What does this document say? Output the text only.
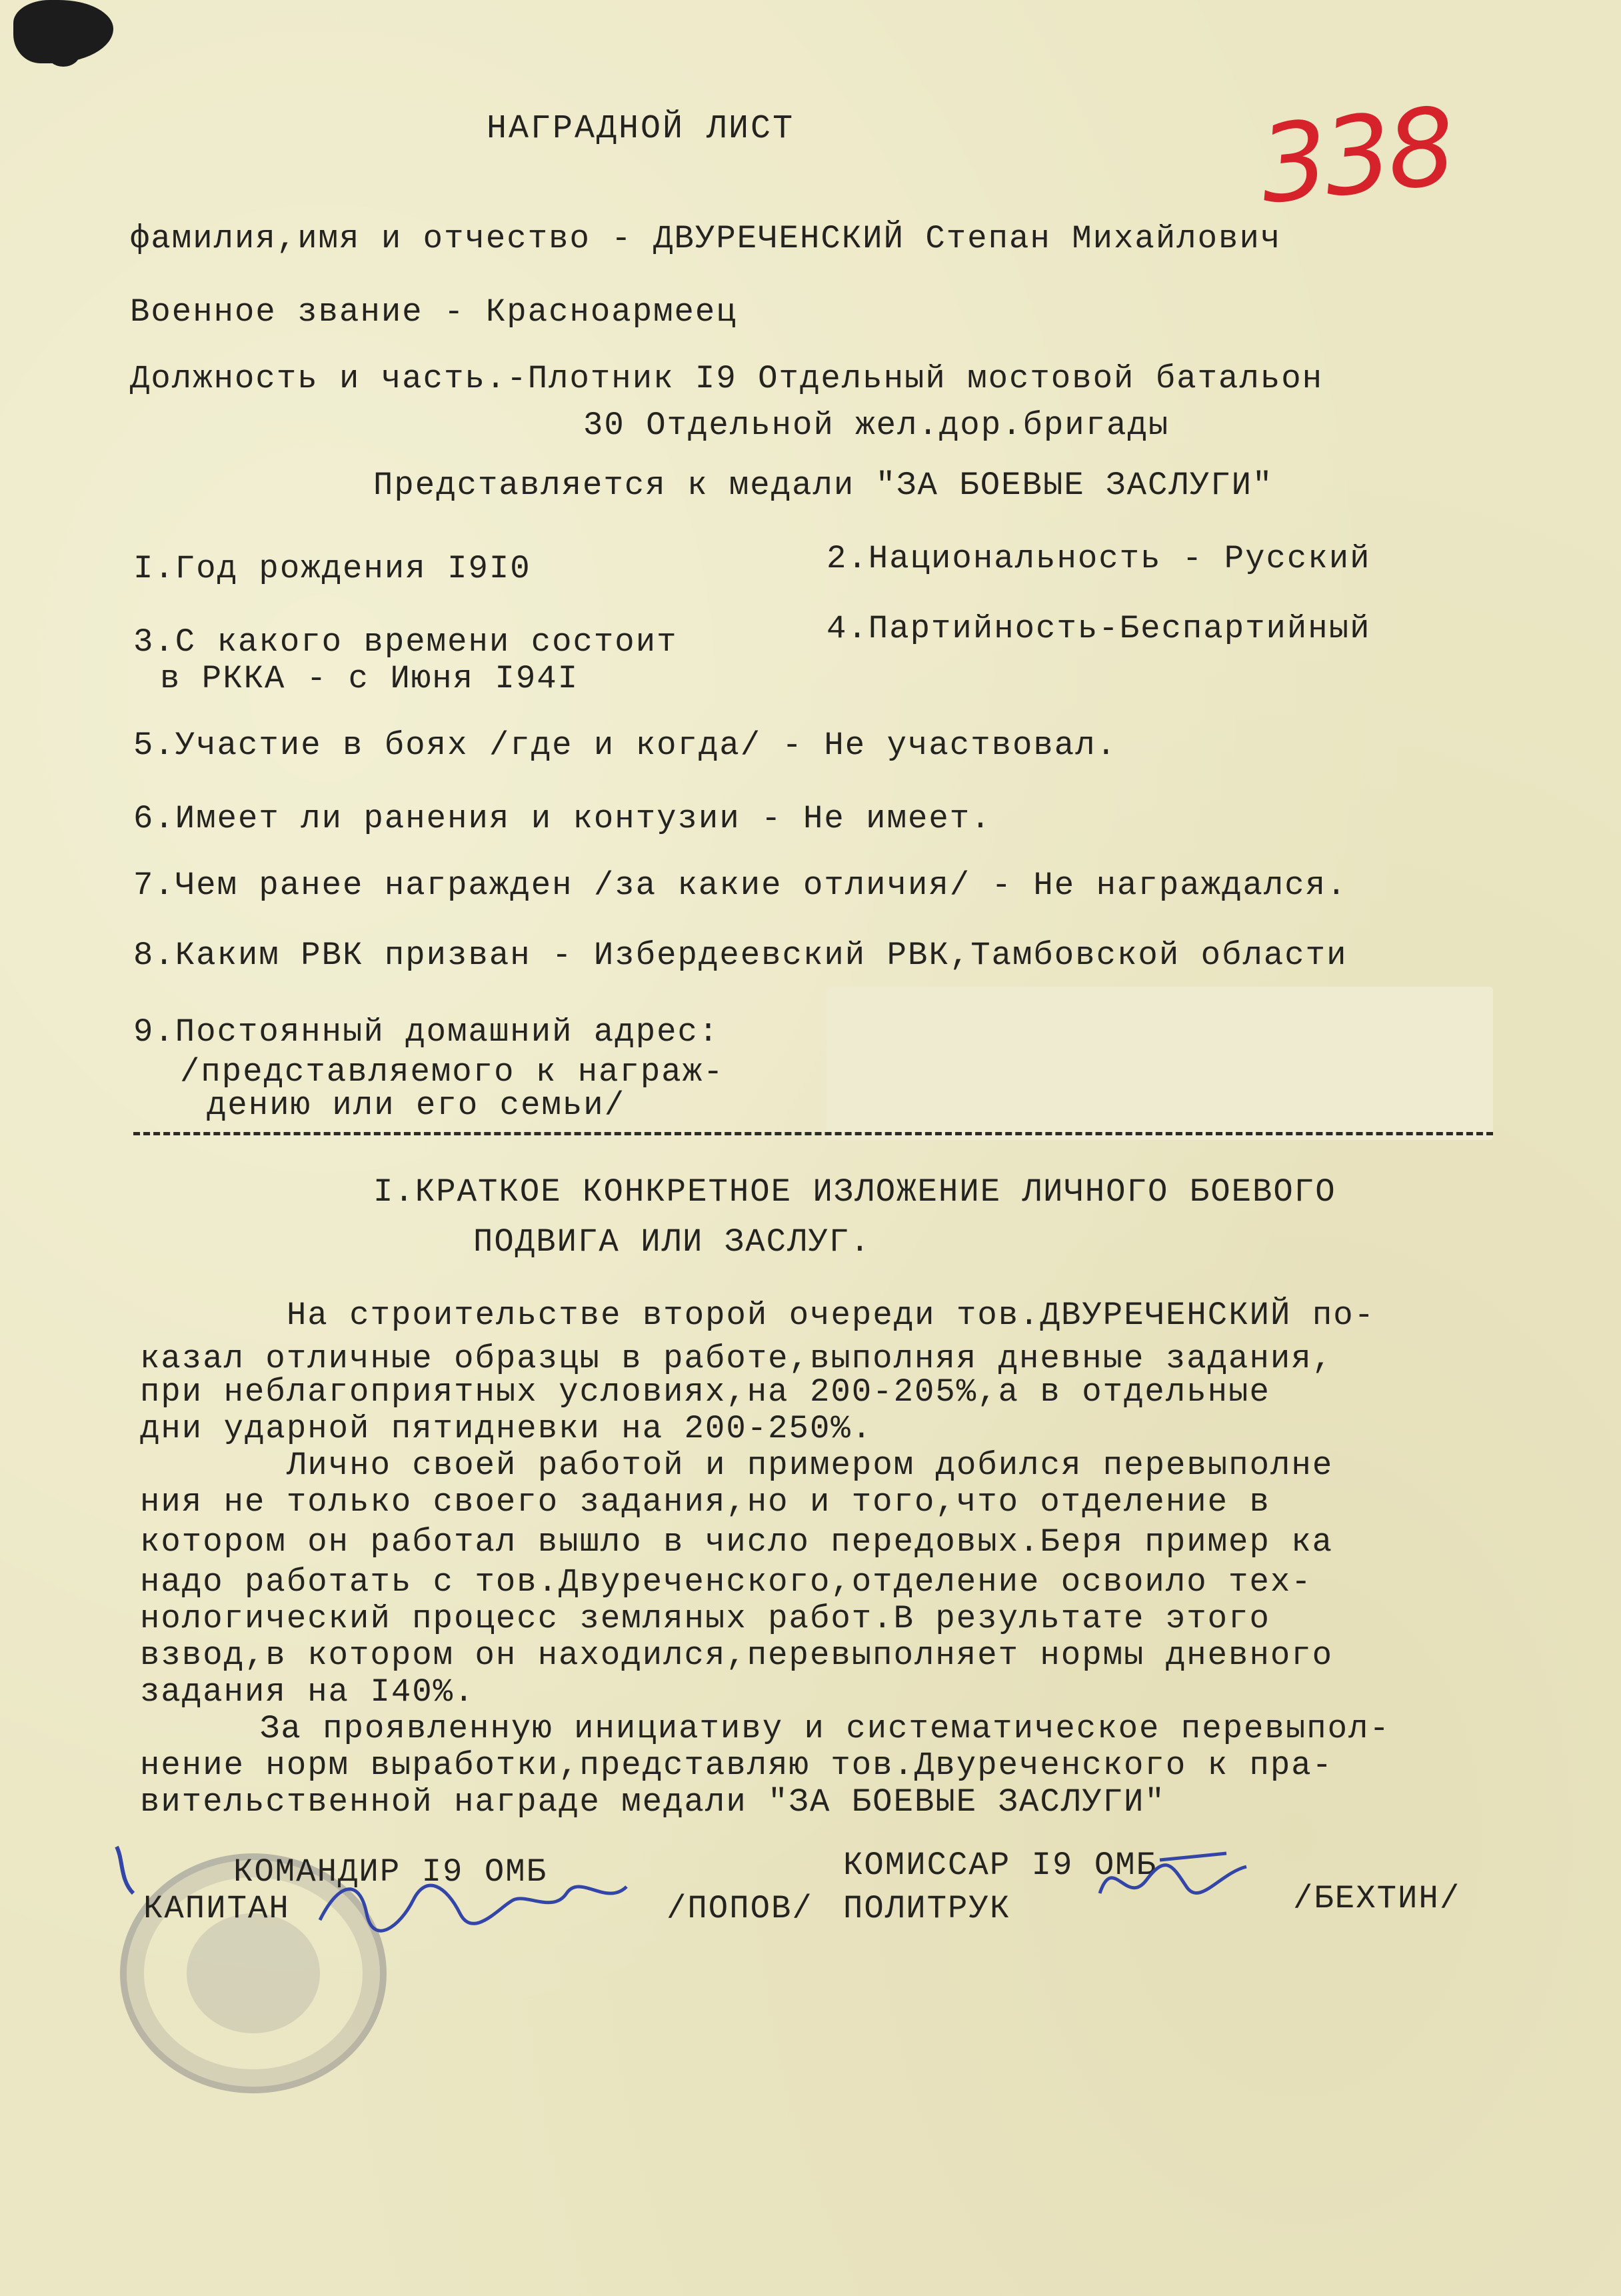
НАГРАДНОЙ ЛИСТ	338
фамилия,имя и отчество - ДВУРЕЧЕНСКИЙ Степан Михайлович
Военное звание - Красноармеец
Должность и часть.-Плотник I9 Отдельный мостовой батальон
30 Отдельной жел.дор.бригады
Представляется к медали "ЗА БОЕВЫЕ ЗАСЛУГИ"
I.Год рождения I9I0	2.Национальность - Русский
3.С какого времени состоит
в РККА - с Июня I94I
4.Партийность-Беспартийный
5.Участие в боях /где и когда/ - Не участвовал.
6.Имеет ли ранения и контузии - Не имеет.
7.Чем ранее награжден /за какие отличия/ - Не награждался.
8.Каким РВК призван - Избердеевский РВК,Тамбовской области
9.Постоянный домашний адрес:
/представляемого к награж-
дению или его семьи/
I.КРАТКОЕ КОНКРЕТНОЕ ИЗЛОЖЕНИЕ ЛИЧНОГО БОЕВОГО
ПОДВИГА ИЛИ ЗАСЛУГ.
На строительстве второй очереди тов.ДВУРЕЧЕНСКИЙ по-
казал отличные образцы в работе,выполняя дневные задания,
при неблагоприятных условиях,на 200-205%,а в отдельные
дни ударной пятидневки на 200-250%.
Лично своей работой и примером добился перевыполне
ния не только своего задания,но и того,что отделение в
котором он работал вышло в число передовых.Беря пример ка
надо работать с тов.Двуреченского,отделение освоило тех-
нологический процесс земляных работ.В результате этого
взвод,в котором он находился,перевыполняет нормы дневного
задания на I40%.
За проявленную инициативу и систематическое перевыпол-
нение норм выработки,представляю тов.Двуреченского к пра-
вительственной награде медали "ЗА БОЕВЫЕ ЗАСЛУГИ"
КОМАНДИР I9 ОМБ
КАПИТАН	/ПОПОВ/
КОМИССАР I9 ОМБ
ПОЛИТРУК	/БЕХТИН/
